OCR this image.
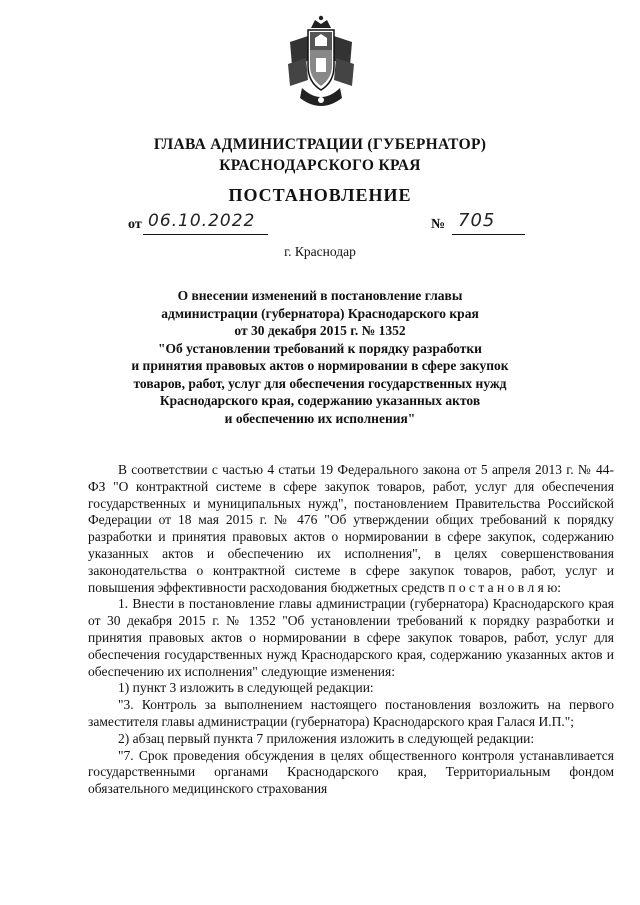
ГЛАВА АДМИНИСТРАЦИИ (ГУБЕРНАТОР)
КРАСНОДАРСКОГО КРАЯ
ПОСТАНОВЛЕНИЕ
от 06.10.2022	№ 705
г. Краснодар
О внесении изменений в постановление главы
администрации (губернатора) Краснодарского края
от 30 декабря 2015 г. № 1352
"Об установлении требований к порядку разработки
и принятия правовых актов о нормировании в сфере закупок
товаров, работ, услуг для обеспечения государственных нужд
Краснодарского края, содержанию указанных актов
и обеспечению их исполнения"

В соответствии с частью 4 статьи 19 Федерального закона от 5 апреля 2013 г. № 44-ФЗ "О контрактной системе в сфере закупок товаров, работ, услуг для обеспечения государственных и муниципальных нужд", постановлением Правительства Российской Федерации от 18 мая 2015 г. № 476 "Об утверждении общих требований к порядку разработки и принятия правовых актов о нормировании в сфере закупок, содержанию указанных актов и обеспечению их исполнения", в целях совершенствования законодательства о контрактной системе в сфере закупок товаров, работ, услуг и повышения эффективности расходования бюджетных средств п о с т а н о в л я ю:

1. Внести в постановление главы администрации (губернатора) Краснодарского края от 30 декабря 2015 г. № 1352 "Об установлении требований к порядку разработки и принятия правовых актов о нормировании в сфере закупок товаров, работ, услуг для обеспечения государственных нужд Краснодарского края, содержанию указанных актов и обеспечению их исполнения" следующие изменения:

1) пункт 3 изложить в следующей редакции:

"3. Контроль за выполнением настоящего постановления возложить на первого заместителя главы администрации (губернатора) Краснодарского края Галася И.П.";

2) абзац первый пункта 7 приложения изложить в следующей редакции:

"7. Срок проведения обсуждения в целях общественного контроля устанавливается государственными органами Краснодарского края, Территориальным фондом обязательного медицинского страхования
